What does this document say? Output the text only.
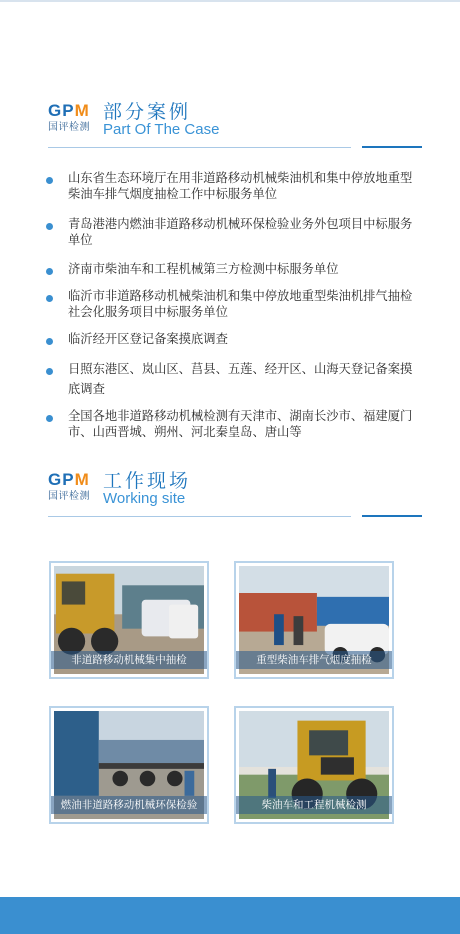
GPM
国评检测
部分案例
Part Of The Case
山东省生态环境厅在用非道路移动机械柴油机和集中停放地重型柴油车排气烟度抽检工作中标服务单位
青岛港港内燃油非道路移动机械环保检验业务外包项目中标服务单位
济南市柴油车和工程机械第三方检测中标服务单位
临沂市非道路移动机械柴油机和集中停放地重型柴油机排气抽检社会化服务项目中标服务单位
临沂经开区登记备案摸底调查
日照东港区、岚山区、莒县、五莲、经开区、山海天登记备案摸底调查
全国各地非道路移动机械检测有天津市、湖南长沙市、福建厦门市、山西晋城、朔州、河北秦皇岛、唐山等
GPM
国评检测
工作现场
Working site
非道路移动机械集中抽检	重型柴油车排气烟度抽检
燃油非道路移动机械环保检验	柴油车和工程机械检测
